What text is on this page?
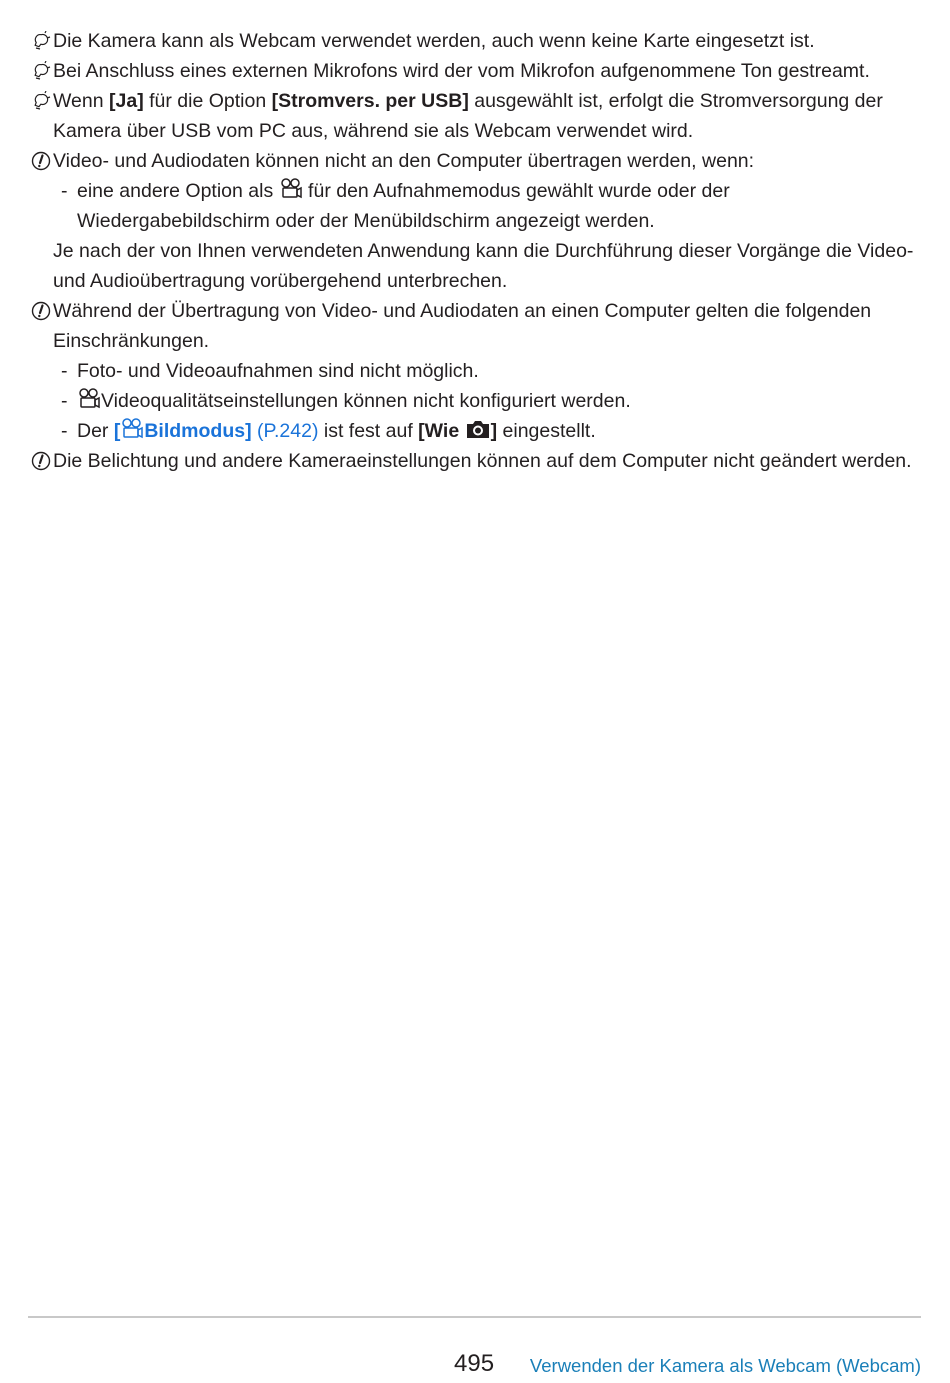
Die Kamera kann als Webcam verwendet werden, auch wenn keine Karte eingesetzt ist.

Bei Anschluss eines externen Mikrofons wird der vom Mikrofon aufgenommene Ton gestreamt.

Wenn [Ja] für die Option [Stromvers. per USB] ausgewählt ist, erfolgt die Stromversorgung der Kamera über USB vom PC aus, während sie als Webcam verwendet wird.

Video- und Audiodaten können nicht an den Computer übertragen werden, wenn:

- eine andere Option als  für den Aufnahmemodus gewählt wurde oder der Wiedergabebildschirm oder der Menübildschirm angezeigt werden.
Je nach der von Ihnen verwendeten Anwendung kann die Durchführung dieser Vorgänge die Video- und Audioübertragung vorübergehend unterbrechen.

Während der Übertragung von Video- und Audiodaten an einen Computer gelten die folgenden Einschränkungen.

- Foto- und Videoaufnahmen sind nicht möglich.
- Videoqualitätseinstellungen können nicht konfiguriert werden.
- Der [ Bildmodus] (P.242) ist fest auf [Wie ] eingestellt.

Die Belichtung und andere Kameraeinstellungen können auf dem Computer nicht geändert werden.

495 Verwenden der Kamera als Webcam (Webcam)
